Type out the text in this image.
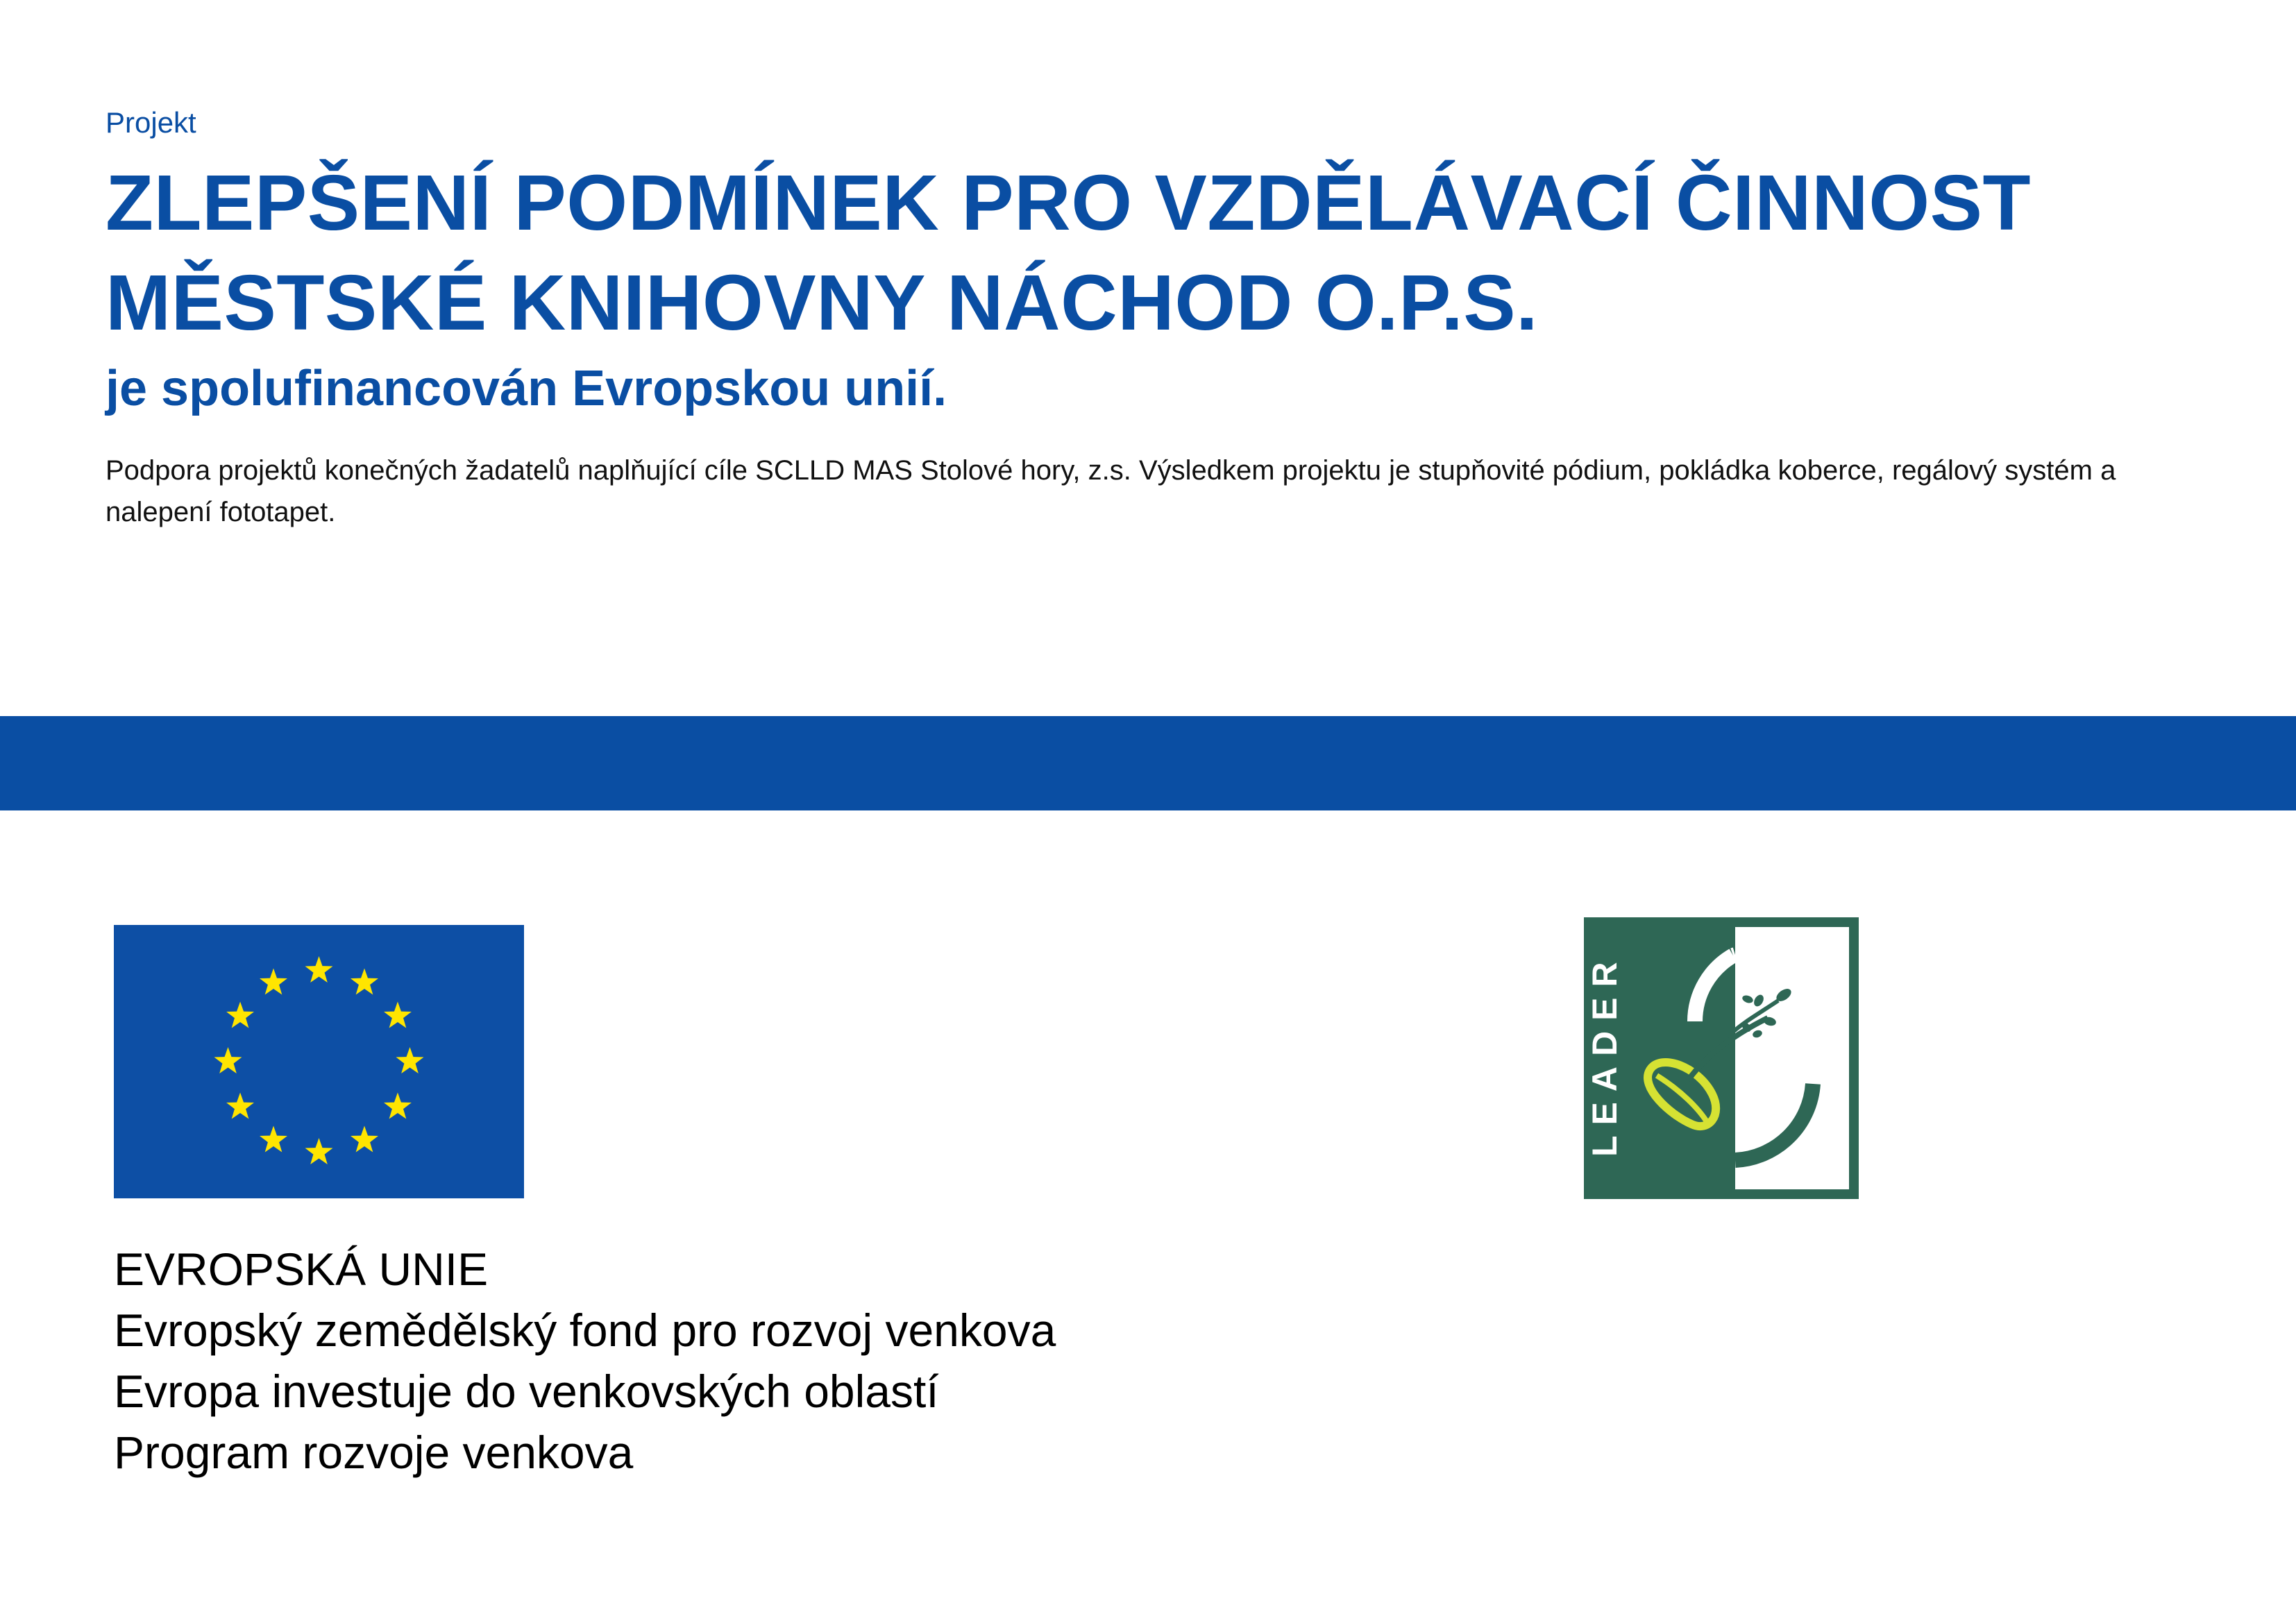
Projekt
ZLEPŠENÍ PODMÍNEK PRO VZDĚLÁVACÍ ČINNOST
MĚSTSKÉ KNIHOVNY NÁCHOD O.P.S.
je spolufinancován Evropskou unií.
Podpora projektů konečných žadatelů naplňující cíle SCLLD MAS Stolové hory, z.s. Výsledkem projektu je stupňovité pódium, pokládka koberce, regálový systém a nalepení fototapet.
EVROPSKÁ UNIE
Evropský zemědělský fond pro rozvoj venkova
Evropa investuje do venkovských oblastí
Program rozvoje venkova
LEADER
